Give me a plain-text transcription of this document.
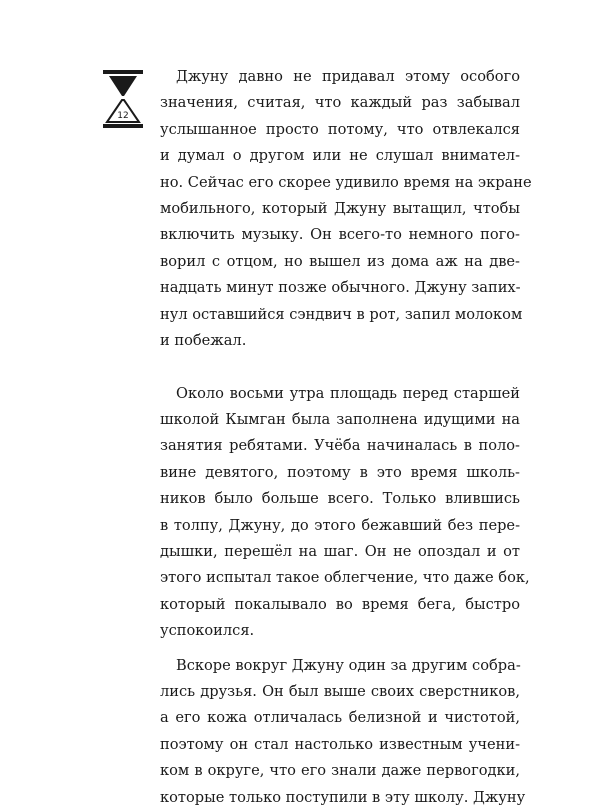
12
Джуну давно не придавал этому особого
значения, считая, что каждый раз забывал
услышанное просто потому, что отвлекался
и думал о другом или не слушал внимател-
но. Сейчас его скорее удивило время на экране
мобильного, который Джуну вытащил, чтобы
включить музыку. Он всего-то немного пого-
ворил с отцом, но вышел из дома аж на две-
надцать минут позже обычного. Джуну запих-
нул оставшийся сэндвич в рот, запил молоком
и побежал.
Около восьми утра площадь перед старшей
школой Кымган была заполнена идущими на
занятия ребятами. Учёба начиналась в поло-
вине девятого, поэтому в это время школь-
ников было больше всего. Только влившись
в толпу, Джуну, до этого бежавший без пере-
дышки, перешёл на шаг. Он не опоздал и от
этого испытал такое облегчение, что даже бок,
который покалывало во время бега, быстро
успокоился.
Вскоре вокруг Джуну один за другим собра-
лись друзья. Он был выше своих сверстников,
а его кожа отличалась белизной и чистотой,
поэтому он стал настолько известным учени-
ком в округе, что его знали даже первогодки,
которые только поступили в эту школу. Джуну
